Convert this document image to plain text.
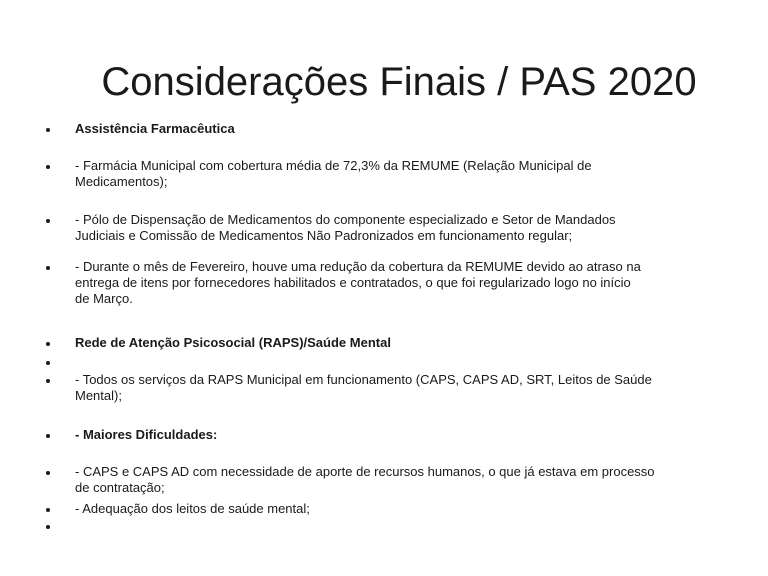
Considerações Finais / PAS 2020
Assistência Farmacêutica
- Farmácia Municipal com cobertura média de 72,3% da REMUME (Relação Municipal de
Medicamentos);
- Pólo de Dispensação de Medicamentos do componente especializado e Setor de Mandados
Judiciais e Comissão de Medicamentos Não Padronizados em funcionamento regular;
- Durante o mês de Fevereiro, houve uma redução da cobertura da REMUME devido ao atraso na
entrega de itens por fornecedores habilitados e contratados, o que foi regularizado logo no início
de Março.
Rede de Atenção Psicosocial (RAPS)/Saúde Mental
- Todos os serviços da RAPS Municipal em funcionamento (CAPS, CAPS AD, SRT, Leitos de Saúde
Mental);
- Maiores Dificuldades:
- CAPS e CAPS AD com necessidade de aporte de recursos humanos, o que já estava em processo
de contratação;
- Adequação dos leitos de saúde mental;
